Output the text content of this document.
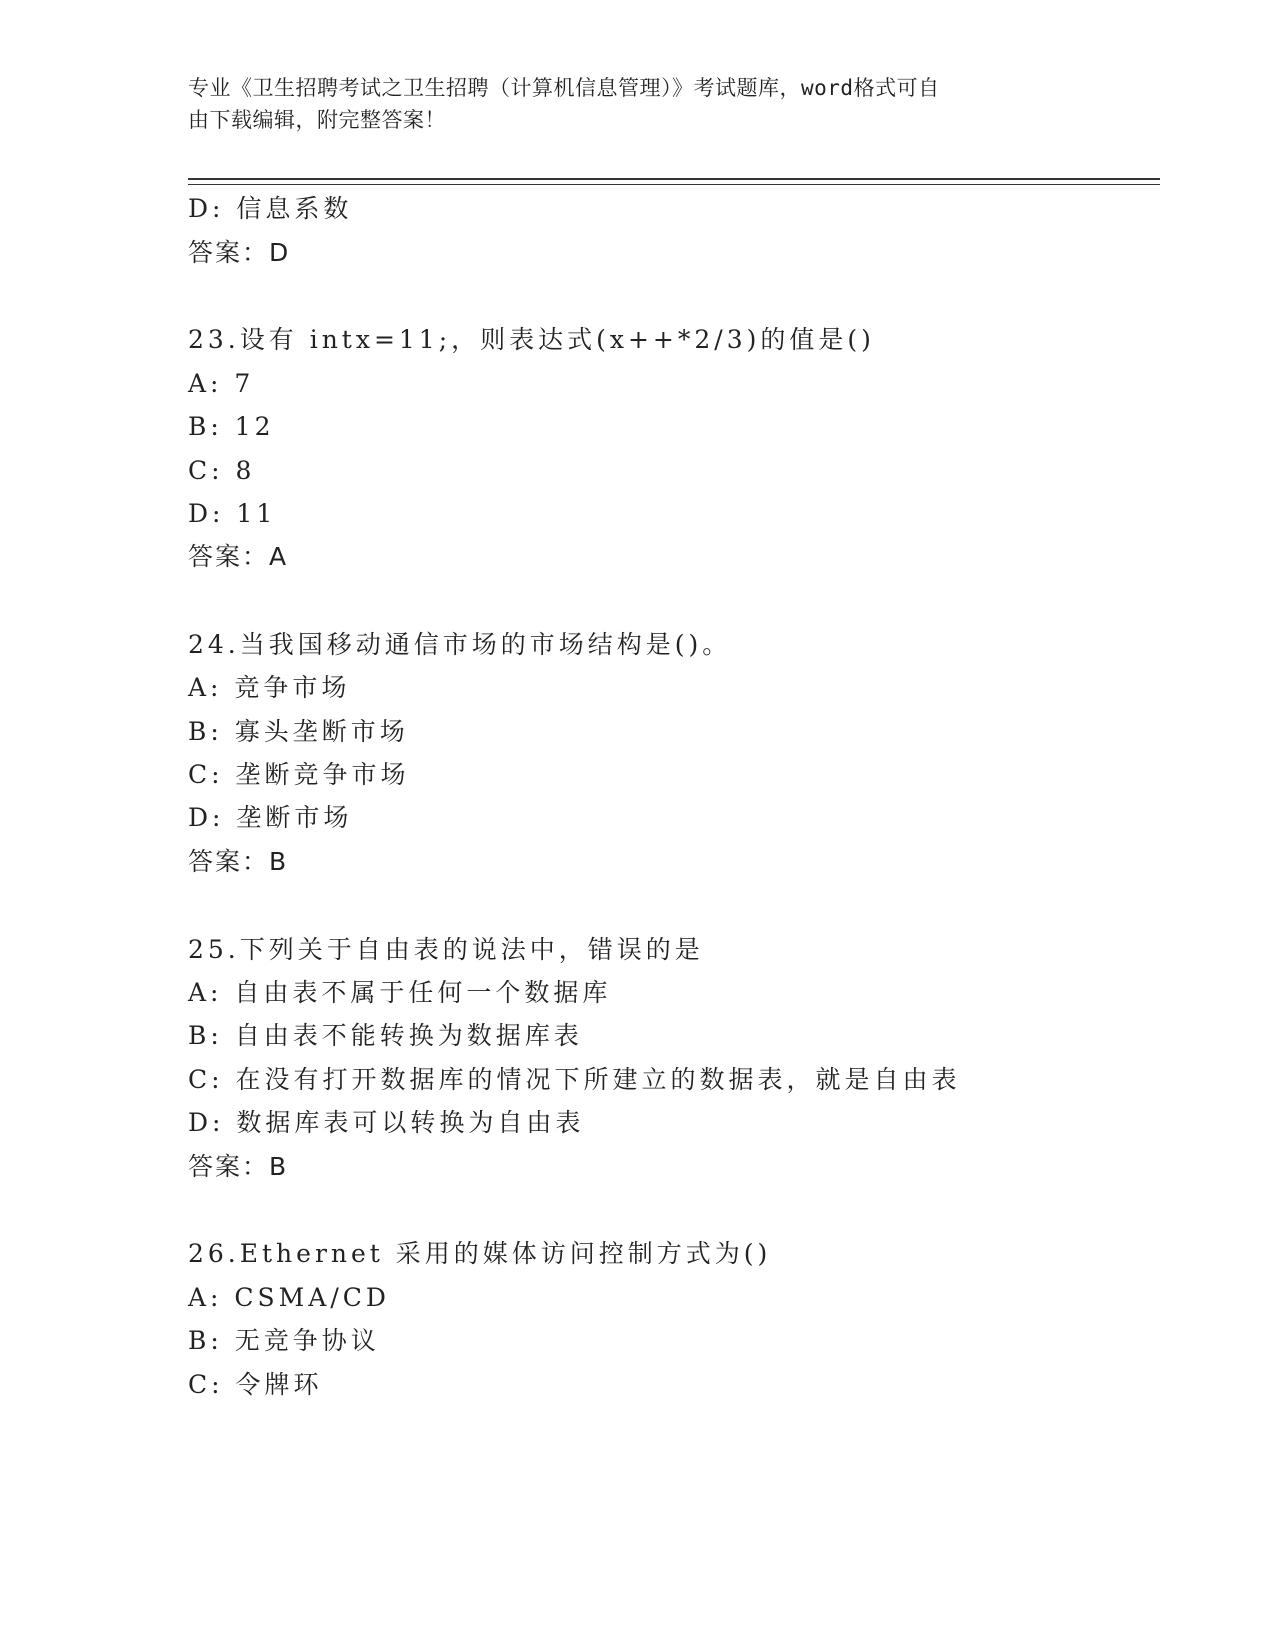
专业《卫生招聘考试之卫生招聘（计算机信息管理）》考试题库，word格式可自
由下载编辑，附完整答案！
D: 信息系数
答案：D
23.设有 intx=11;，则表达式(x++*2/3)的值是()
A: 7
B: 12
C: 8
D: 11
答案：A
24.当我国移动通信市场的市场结构是()。
A: 竞争市场
B: 寡头垄断市场
C: 垄断竞争市场
D: 垄断市场
答案：B
25.下列关于自由表的说法中，错误的是
A: 自由表不属于任何一个数据库
B: 自由表不能转换为数据库表
C: 在没有打开数据库的情况下所建立的数据表，就是自由表
D: 数据库表可以转换为自由表
答案：B
26.Ethernet 采用的媒体访问控制方式为()
A: CSMA/CD
B: 无竞争协议
C: 令牌环
